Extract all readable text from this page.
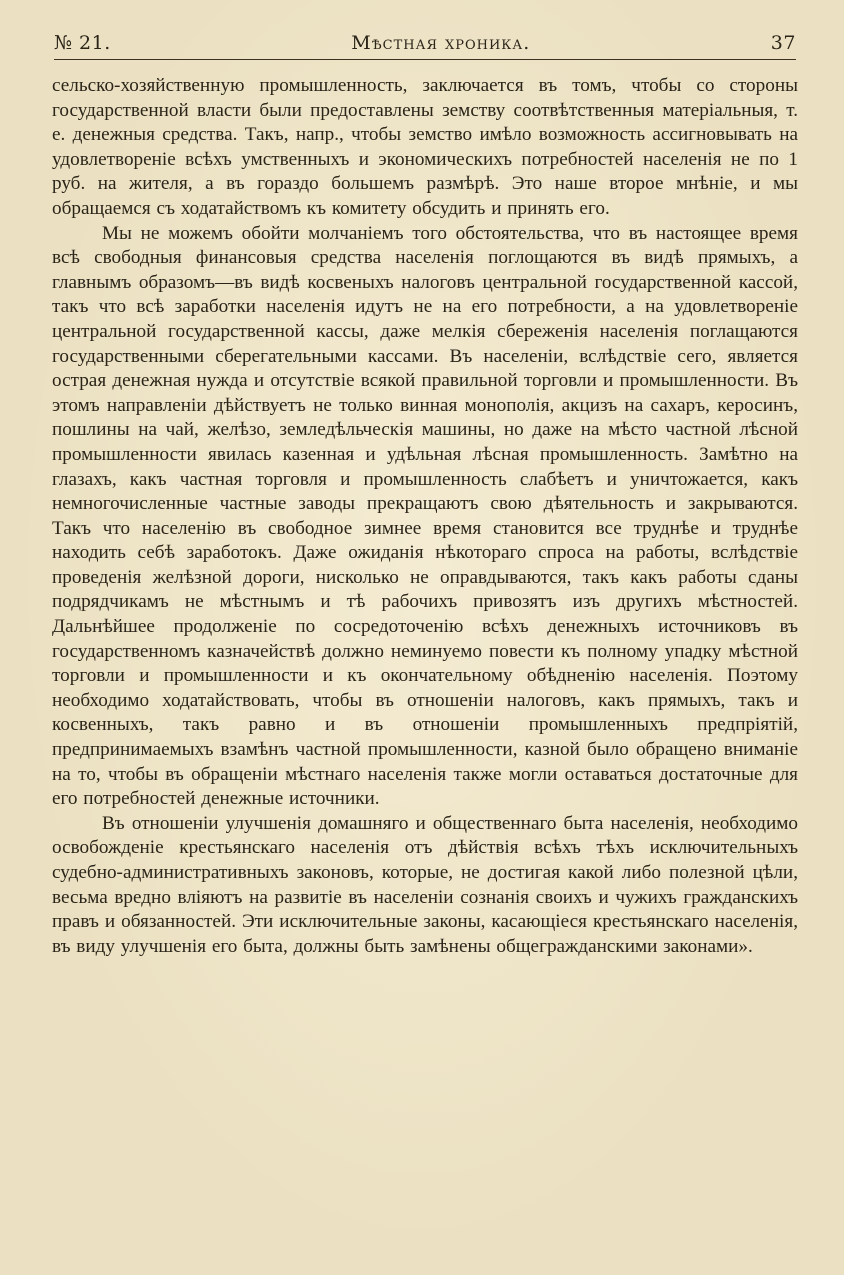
№ 21.	Мѣстная хроника.	37

сельско-хозяйственную промышленность, заключается въ томъ, чтобы со стороны государственной власти были предоставлены земству соотвѣтственныя матеріальныя, т. е. денежныя средства. Такъ, напр., чтобы земство имѣло возможность ассигновывать на удовлетвореніе всѣхъ умственныхъ и экономическихъ потребностей населенія не по 1 руб. на жителя, а въ гораздо большемъ размѣрѣ. Это наше второе мнѣніе, и мы обращаемся съ ходатайствомъ къ комитету обсудить и принять его.

Мы не можемъ обойти молчаніемъ того обстоятельства, что въ настоящее время всѣ свободныя финансовыя средства населенія поглощаются въ видѣ прямыхъ, а главнымъ образомъ—въ видѣ косвеныхъ налоговъ центральной государственной кассой, такъ что всѣ заработки населенія идутъ не на его потребности, а на удовлетвореніе центральной государственной кассы, даже мелкія сбереженія населенія поглащаются государственными сберегательными кассами. Въ населеніи, вслѣдствіе сего, является острая денежная нужда и отсутствіе всякой правильной торговли и промышленности. Въ этомъ направленіи дѣйствуетъ не только винная монополія, акцизъ на сахаръ, керосинъ, пошлины на чай, желѣзо, земледѣльческія машины, но даже на мѣсто частной лѣсной промышленности явилась казенная и удѣльная лѣсная промышленность. Замѣтно на глазахъ, какъ частная торговля и промышленность слабѣетъ и уничтожается, какъ немногочисленные частные заводы прекращаютъ свою дѣятельность и закрываются. Такъ что населенію въ свободное зимнее время становится все труднѣе и труднѣе находить себѣ заработокъ. Даже ожиданія нѣкотораго спроса на работы, вслѣдствіе проведенія желѣзной дороги, нисколько не оправдываются, такъ какъ работы сданы подрядчикамъ не мѣстнымъ и тѣ рабочихъ привозятъ изъ другихъ мѣстностей. Дальнѣйшее продолженіе по сосредоточенію всѣхъ денежныхъ источниковъ въ государственномъ казначействѣ должно неминуемо повести къ полному упадку мѣстной торговли и промышленности и къ окончательному обѣдненію населенія. Поэтому необходимо ходатайствовать, чтобы въ отношеніи налоговъ, какъ прямыхъ, такъ и косвенныхъ, такъ равно и въ отношеніи промышленныхъ предпріятій, предпринимаемыхъ взамѣнъ частной промышленности, казной было обращено вниманіе на то, чтобы въ обращеніи мѣстнаго населенія также могли оставаться достаточные для его потребностей денежные источники.

Въ отношеніи улучшенія домашняго и общественнаго быта населенія, необходимо освобожденіе крестьянскаго населенія отъ дѣйствія всѣхъ тѣхъ исключительныхъ судебно-административныхъ законовъ, которые, не достигая какой либо полезной цѣли, весьма вредно вліяютъ на развитіе въ населеніи сознанія своихъ и чужихъ гражданскихъ правъ и обязанностей. Эти исключительные законы, касающіеся крестьянскаго населенія, въ виду улучшенія его быта, должны быть замѣнены общегражданскими законами».
